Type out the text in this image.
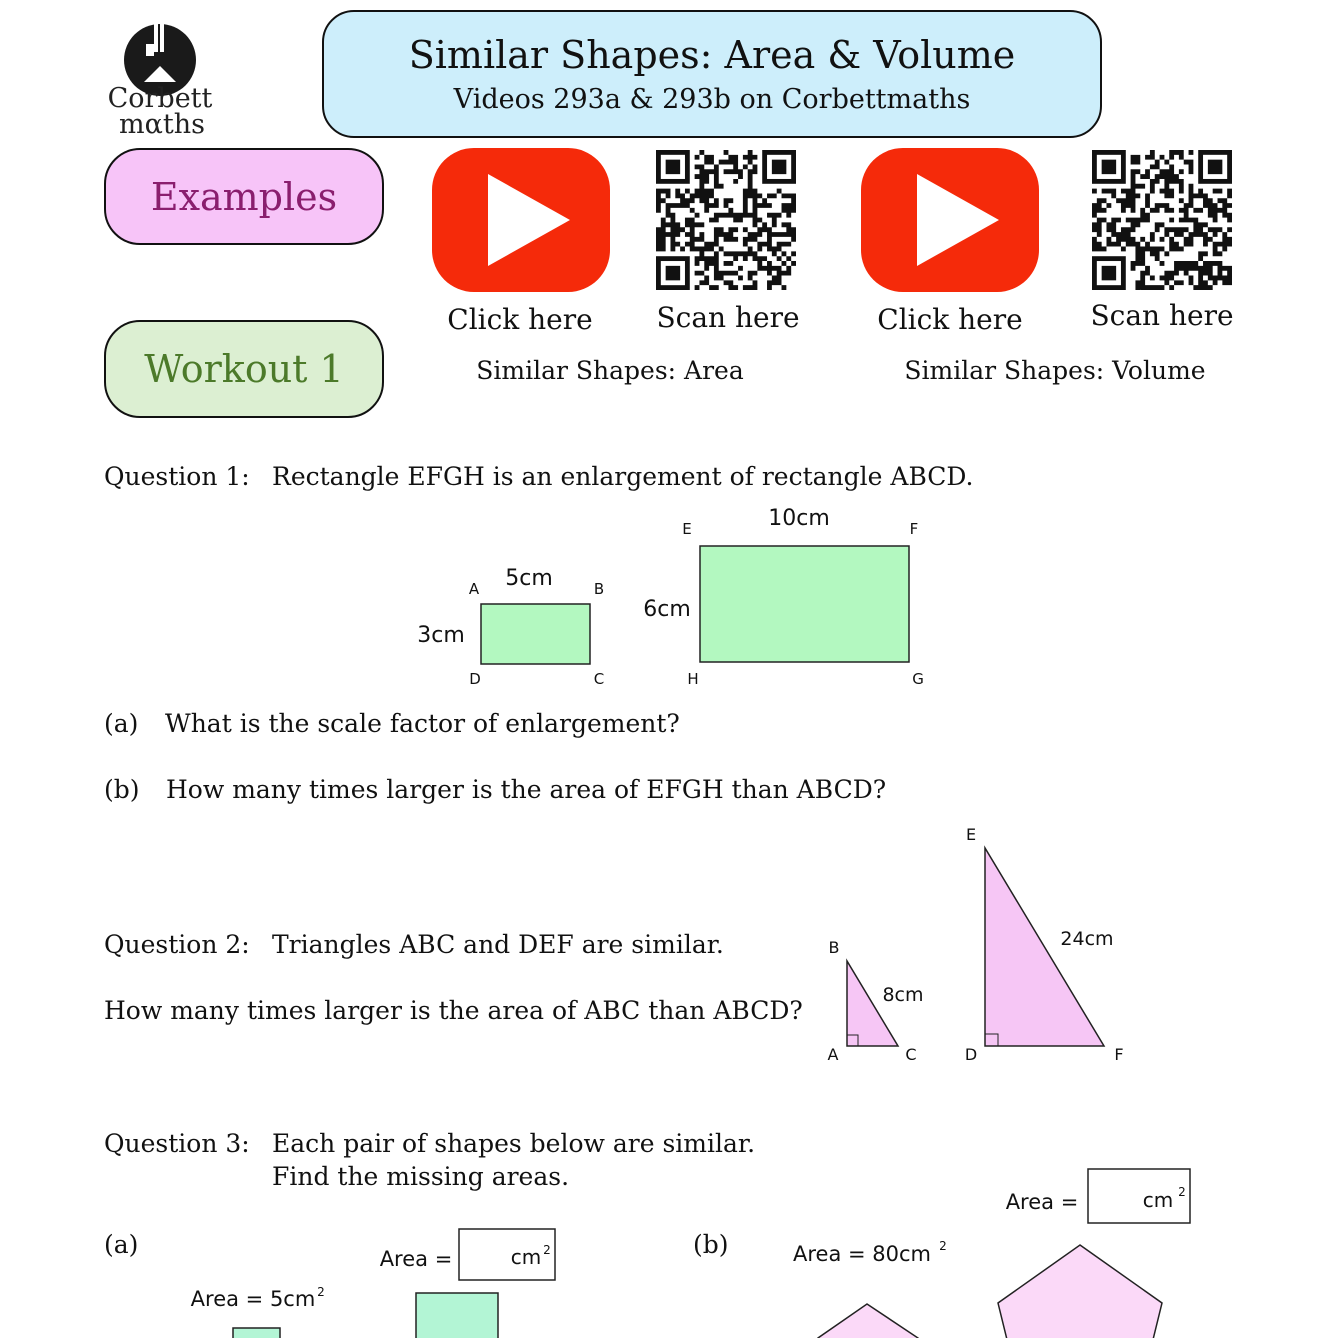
Corbett
mαths
Similar Shapes: Area & Volume
Videos 293a & 293b on Corbettmaths
Examples
Workout 1
Click here	Scan here
Similar Shapes: Area
Click here	Scan here
Similar Shapes: Volume
Question 1: Rectangle EFGH is an enlargement of rectangle ABCD.
(a) What is the scale factor of enlargement?
(b) How many times larger is the area of EFGH than ABCD?
Question 2: Triangles ABC and DEF are similar.
How many times larger is the area of ABC than ABCD?
Question 3: Each pair of shapes below are similar.
Find the missing areas.
(a)	(b)
5cm
3cm
A	B
C
D
10cm
6cm
E	F
G
H
8cm
A
B
C
24cm
D
E
F
Area =	cm 2
Area = 5cm 2
Area =	cm 2
Area = 80cm 2
